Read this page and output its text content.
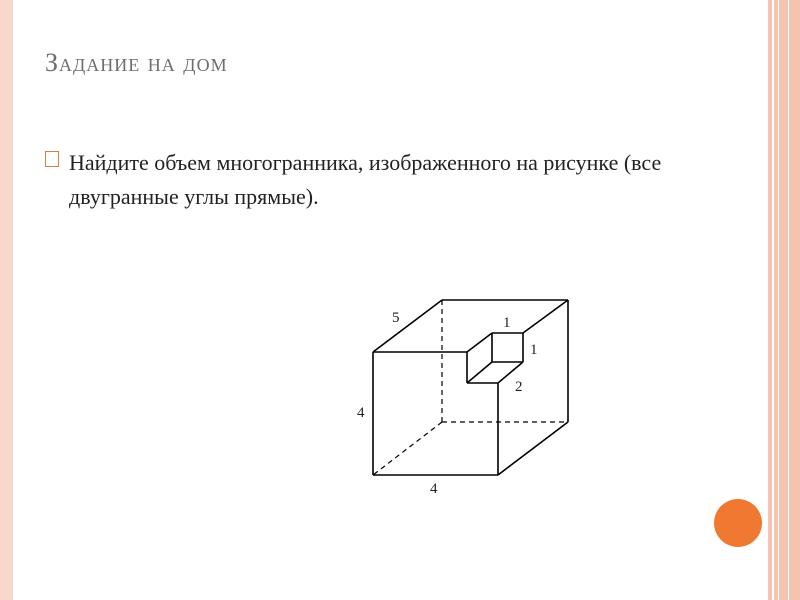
Задание на дом
Найдите объем многогранника, изображенного на рисунке (все двугранные углы прямые).
5	1
1
2
4
4
